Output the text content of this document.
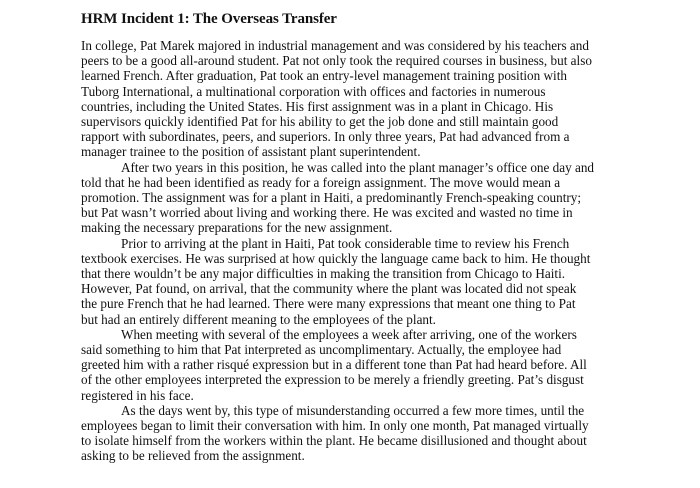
HRM Incident 1: The Overseas Transfer

In college, Pat Marek majored in industrial management and was considered by his teachers and
peers to be a good all-around student. Pat not only took the required courses in business, but also
learned French. After graduation, Pat took an entry-level management training position with
Tuborg International, a multinational corporation with offices and factories in numerous
countries, including the United States. His first assignment was in a plant in Chicago. His
supervisors quickly identified Pat for his ability to get the job done and still maintain good
rapport with subordinates, peers, and superiors. In only three years, Pat had advanced from a
manager trainee to the position of assistant plant superintendent.

After two years in this position, he was called into the plant manager’s office one day and
told that he had been identified as ready for a foreign assignment. The move would mean a
promotion. The assignment was for a plant in Haiti, a predominantly French-speaking country;
but Pat wasn’t worried about living and working there. He was excited and wasted no time in
making the necessary preparations for the new assignment.

Prior to arriving at the plant in Haiti, Pat took considerable time to review his French
textbook exercises. He was surprised at how quickly the language came back to him. He thought
that there wouldn’t be any major difficulties in making the transition from Chicago to Haiti.
However, Pat found, on arrival, that the community where the plant was located did not speak
the pure French that he had learned. There were many expressions that meant one thing to Pat
but had an entirely different meaning to the employees of the plant.

When meeting with several of the employees a week after arriving, one of the workers
said something to him that Pat interpreted as uncomplimentary. Actually, the employee had
greeted him with a rather risqué expression but in a different tone than Pat had heard before. All
of the other employees interpreted the expression to be merely a friendly greeting. Pat’s disgust
registered in his face.

As the days went by, this type of misunderstanding occurred a few more times, until the
employees began to limit their conversation with him. In only one month, Pat managed virtually
to isolate himself from the workers within the plant. He became disillusioned and thought about
asking to be relieved from the assignment.
